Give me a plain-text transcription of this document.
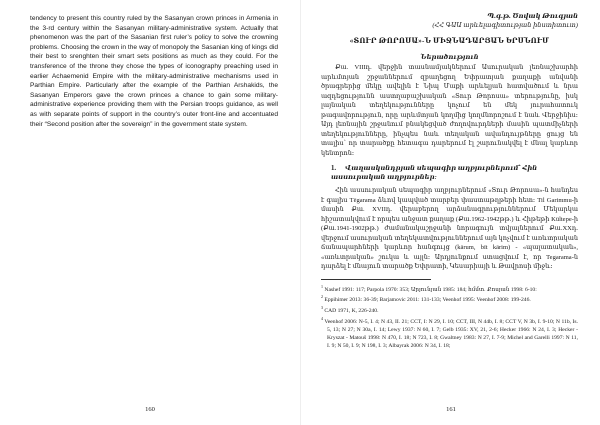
tendency to present this country ruled by the Sasanyan crown princes in Armenia in the 3-rd century within the Sasanyan military-administrative system. Actually that phenomenon was the part of the Sasanian first ruler’s policy to solve the crowning problems. Choosing the crown in the way of monopoly the Sasanian king of kings did their best to srenghten their smart sets positions as much as they could. For the transference of the throne they chose the types of iconography preaching used in earlier Achaemenid Empire with the military-administrative mechanisms used in Parthian Empire. Particularly after the example of the Parthian Arshakids, the Sasanyan Emperors gave the crown princes a chance to gain some military-administrative experience providing them with the Persian troops guidance, as well as with separate points of support in the country’s outer front-line and accentuated their “Second position after the sovereign” in the government state system.

160

Պ.գ.թ. Ծովակ Թուգյան

(ՀՀ ԳԱԱ արևելագիտության ինստիտուտ)

«ՏՈՒՐ ԹՈՐՈՍԱ»-Ն ՄԻՋՆԱԴԱՐՅԱՆ ԵՐՍՆՈՒՄ

Ներածություն

Քա. VIIIդ. վերջին տասնամյակներում Ասուրական լեռնաշխարհի արևմտյան շրջաններում զբաղեցող Եփրատյան քաղաքի անվանի ծրագրերից մեկը ավելին է Նիպ Մաքի արևելյան հատվածում և նրա ազդեցությունն աստղաբաշխական «Տուր Թորոսա» տերությունը, իսկ լայնական տեղեկությունները կոչում են մեկ յուրահատուկ թագավորություն, որը արևմտյան կողմից կողմնորոշում է նաև Վերջինիս։ Այդ լեռնային շրջանում բնակեցված ժողովուրդների մասին պատմիչների տեղեկությունները, ինչպես նաև տեղական ավանդույթները ցույց են տալիս՝ որ տարածքը հետագա դարերում էլ շարունակվել է մնալ կարևոր կենտրոն։

1. Վաղասկսնդրյան սեպագիր աղբյուրներում՝ Հին ասսուրական աղբյուրներ։

Հին ասսուրական սեպագիր աղբյուրներում «Տուր Թորոսա»-ն հանդես է գալիս Tēgarama ձևով կապված տարբեր փաստաթղթերի հետ։ Til Garimmu-ի մասին Քա. XVIIդ. վերաբերող արձանագրություններում Մեկարկա հիշատակվում է որպես անջատ քաղաք (Քա.1962-1942թթ.) և Հիթեթի Kültepe-ի (Քա.1941-1902թթ.) ժամանակաշրջանի նորագույն տվյալներում Քա.XXդ. վերջում ասուրական տեղեկատվություններում այն կոչվում է առևտրական ճանապարհների կարևոր հանգույց (kārum, bīt kārim) - «պալատական», «առևտրական» շուկա և այլն։ Արդյունքում ստացվում է, որ Tegarama-ն դարձել է մնայուն տարածք Եփրատի, Կեսարիայի և Թավրոսի միջև։

$^1$ Nashef 1991: 117; Parpola 1970: 353; Արյունյան 1985: 184; հմմտ. Քոսյան 1998: 6-10:

$^2$ Eppihimer 2013: 36-39; Barjamovic 2011: 131-133; Veenhof 1995: Veenhof 2008: 199-246.

$^3$ CAD 1971, K, 226-240.

$^4$ Veenhof 2006: N-5, I. 4; N 43, II. 21; CCT, I: N 29, I. 10; CCT, III, N 44b, I. 8; CCT V, N 3b, I. 9-10; N 11b, Is. 5, 13; N 27; N 30a, I. 14; Lewy 1937: N 60, I. 7; Gelb 1935: XV, 21, 2-6; Hecker 1966: N 24, I. 3; Hecker - Kryszat - Matouš 1998: N 470, I. 18; N 723, I. 8; Gwaltney 1983: N 27, I. 7-9; Michel and Garelli 1997: N 11, I. 9; N 50, I. 9; N 198, I. 3; Albayrak 2006: N 34, I. 18;

161
